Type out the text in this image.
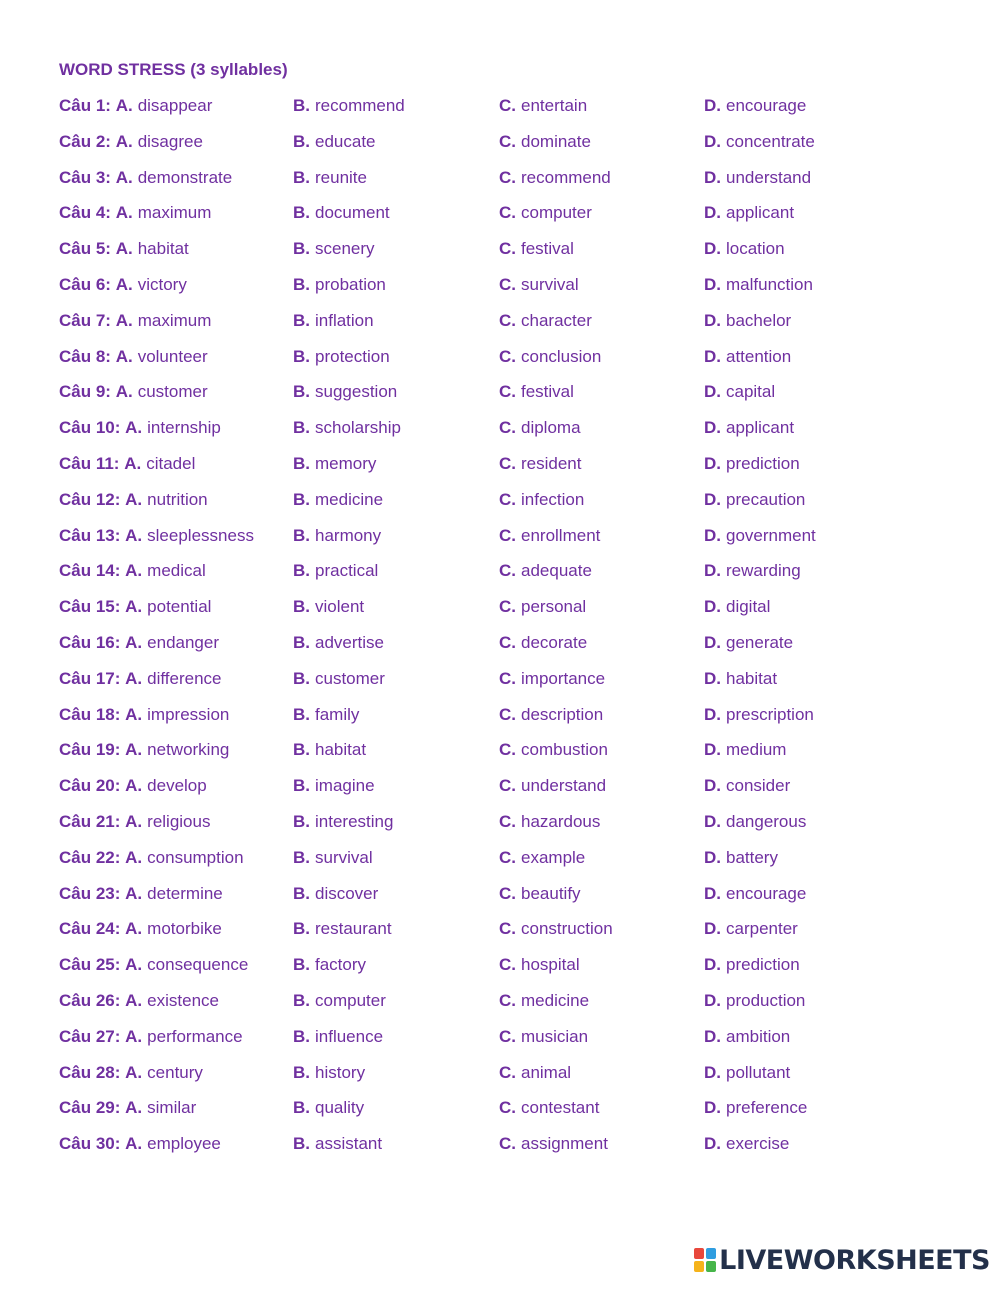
WORD STRESS (3 syllables)
Câu 1: A. disappear	B. recommend	C. entertain	D. encourage
Câu 2: A. disagree	B. educate	C. dominate	D. concentrate
Câu 3: A. demonstrate	B. reunite	C. recommend	D. understand
Câu 4: A. maximum	B. document	C. computer	D. applicant
Câu 5: A. habitat	B. scenery	C. festival	D. location
Câu 6: A. victory	B. probation	C. survival	D. malfunction
Câu 7: A. maximum	B. inflation	C. character	D. bachelor
Câu 8: A. volunteer	B. protection	C. conclusion	D. attention
Câu 9: A. customer	B. suggestion	C. festival	D. capital
Câu 10: A. internship	B. scholarship	C. diploma	D. applicant
Câu 11: A. citadel	B. memory	C. resident	D. prediction
Câu 12: A. nutrition	B. medicine	C. infection	D. precaution
Câu 13: A. sleeplessness B. harmony	C. enrollment	D. government
Câu 14: A. medical	B. practical	C. adequate	D. rewarding
Câu 15: A. potential	B. violent	C. personal	D. digital
Câu 16: A. endanger	B. advertise	C. decorate	D. generate
Câu 17: A. difference	B. customer	C. importance	D. habitat
Câu 18: A. impression	B. family	C. description	D. prescription
Câu 19: A. networking	B. habitat	C. combustion	D. medium
Câu 20: A. develop	B. imagine	C. understand	D. consider
Câu 21: A. religious	B. interesting	C. hazardous	D. dangerous
Câu 22: A. consumption	B. survival	C. example	D. battery
Câu 23: A. determine	B. discover	C. beautify	D. encourage
Câu 24: A. motorbike	B. restaurant	C. construction	D. carpenter
Câu 25: A. consequence	B. factory	C. hospital	D. prediction
Câu 26: A. existence	B. computer	C. medicine	D. production
Câu 27: A. performance	B. influence	C. musician	D. ambition
Câu 28: A. century	B. history	C. animal	D. pollutant
Câu 29: A. similar	B. quality	C. contestant	D. preference
Câu 30: A. employee	B. assistant	C. assignment	D. exercise
LIVEWORKSHEETS
